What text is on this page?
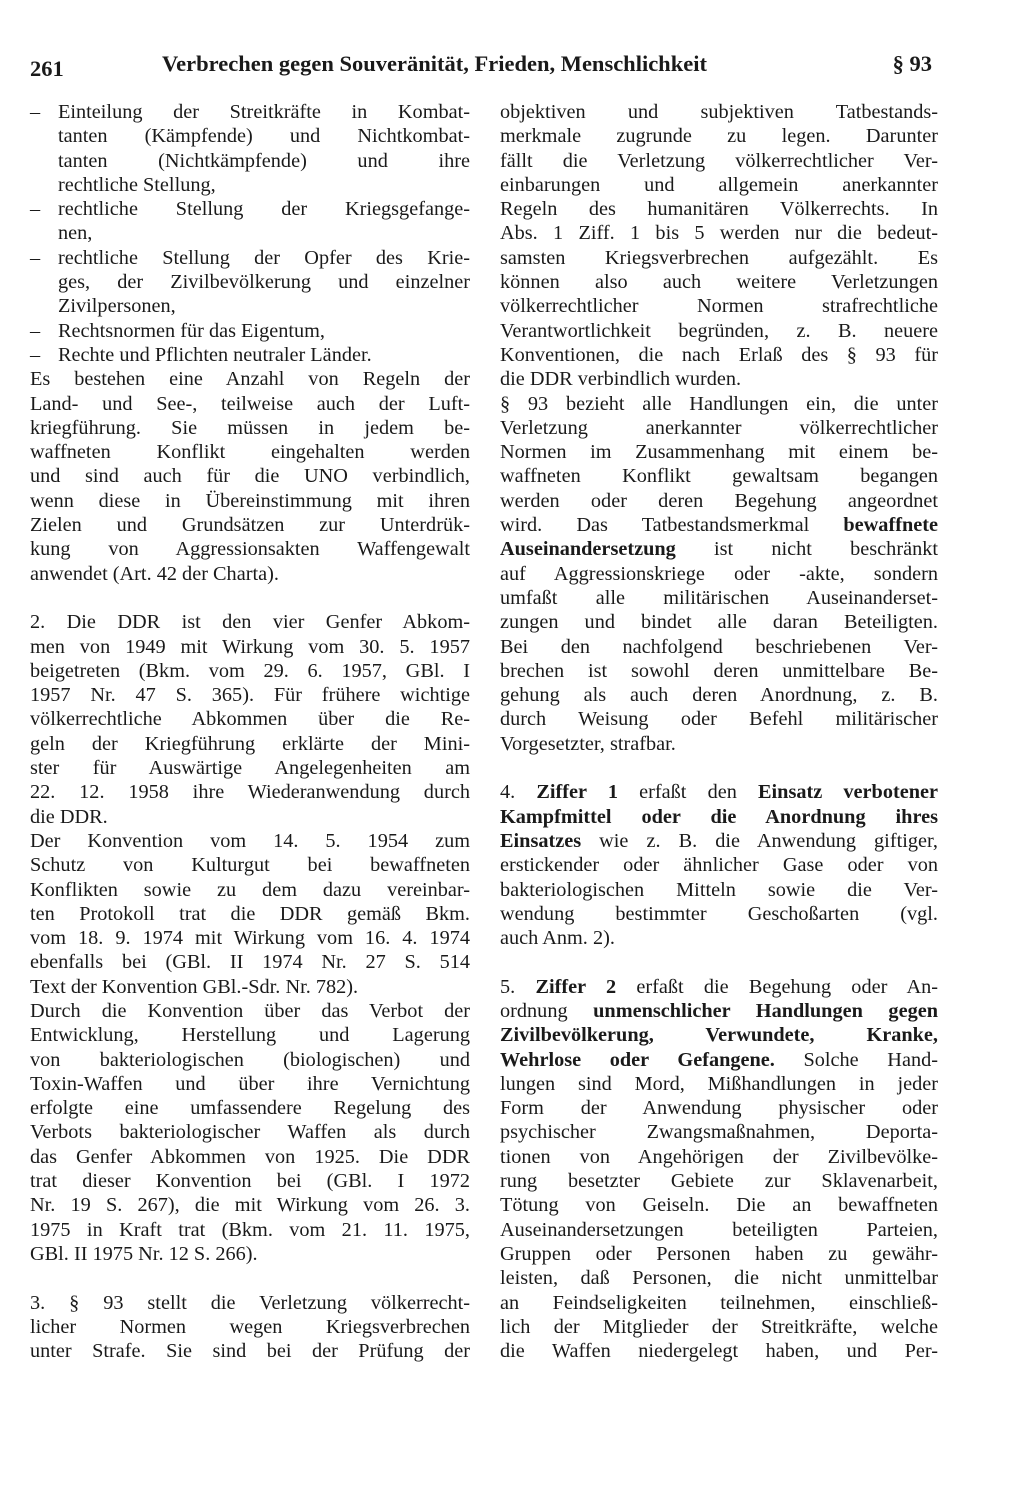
261	Verbrechen gegen Souveränität, Frieden, Menschlichkeit	§ 93
– Einteilung der Streitkräfte in Kombat-
tanten (Kämpfende) und Nichtkombat-
tanten (Nichtkämpfende) und ihre
rechtliche Stellung,
– rechtliche Stellung der Kriegsgefange-
nen,
– rechtliche Stellung der Opfer des Krie-
ges, der Zivilbevölkerung und einzelner
Zivilpersonen,
– Rechtsnormen für das Eigentum,
– Rechte und Pflichten neutraler Länder.
Es bestehen eine Anzahl von Regeln der
Land- und See-, teilweise auch der Luft-
kriegführung. Sie müssen in jedem be-
waffneten Konflikt eingehalten werden
und sind auch für die UNO verbindlich,
wenn diese in Übereinstimmung mit ihren
Zielen und Grundsätzen zur Unterdrük-
kung von Aggressionsakten Waffengewalt
anwendet (Art. 42 der Charta).
2. Die DDR ist den vier Genfer Abkom-
men von 1949 mit Wirkung vom 30. 5. 1957
beigetreten (Bkm. vom 29. 6. 1957, GBl. I
1957 Nr. 47 S. 365). Für frühere wichtige
völkerrechtliche Abkommen über die Re-
geln der Kriegführung erklärte der Mini-
ster für Auswärtige Angelegenheiten am
22. 12. 1958 ihre Wiederanwendung durch
die DDR.
Der Konvention vom 14. 5. 1954 zum
Schutz von Kulturgut bei bewaffneten
Konflikten sowie zu dem dazu vereinbar-
ten Protokoll trat die DDR gemäß Bkm.
vom 18. 9. 1974 mit Wirkung vom 16. 4. 1974
ebenfalls bei (GBl. II 1974 Nr. 27 S. 514
Text der Konvention GBl.-Sdr. Nr. 782).
Durch die Konvention über das Verbot der
Entwicklung, Herstellung und Lagerung
von bakteriologischen (biologischen) und
Toxin-Waffen und über ihre Vernichtung
erfolgte eine umfassendere Regelung des
Verbots bakteriologischer Waffen als durch
das Genfer Abkommen von 1925. Die DDR
trat dieser Konvention bei (GBl. I 1972
Nr. 19 S. 267), die mit Wirkung vom 26. 3.
1975 in Kraft trat (Bkm. vom 21. 11. 1975,
GBl. II 1975 Nr. 12 S. 266).
3. § 93 stellt die Verletzung völkerrecht-
licher Normen wegen Kriegsverbrechen
unter Strafe. Sie sind bei der Prüfung der
objektiven und subjektiven Tatbestands-
merkmale zugrunde zu legen. Darunter
fällt die Verletzung völkerrechtlicher Ver-
einbarungen und allgemein anerkannter
Regeln des humanitären Völkerrechts. In
Abs. 1 Ziff. 1 bis 5 werden nur die bedeut-
samsten Kriegsverbrechen aufgezählt. Es
können also auch weitere Verletzungen
völkerrechtlicher Normen strafrechtliche
Verantwortlichkeit begründen, z. B. neuere
Konventionen, die nach Erlaß des § 93 für
die DDR verbindlich wurden.
§ 93 bezieht alle Handlungen ein, die unter
Verletzung anerkannter völkerrechtlicher
Normen im Zusammenhang mit einem be-
waffneten Konflikt gewaltsam begangen
werden oder deren Begehung angeordnet
wird. Das Tatbestandsmerkmal bewaffnete
Auseinandersetzung ist nicht beschränkt
auf Aggressionskriege oder -akte, sondern
umfaßt alle militärischen Auseinanderset-
zungen und bindet alle daran Beteiligten.
Bei den nachfolgend beschriebenen Ver-
brechen ist sowohl deren unmittelbare Be-
gehung als auch deren Anordnung, z. B.
durch Weisung oder Befehl militärischer
Vorgesetzter, strafbar.
4. Ziffer 1 erfaßt den Einsatz verbotener
Kampfmittel oder die Anordnung ihres
Einsatzes wie z. B. die Anwendung giftiger,
erstickender oder ähnlicher Gase oder von
bakteriologischen Mitteln sowie die Ver-
wendung bestimmter Geschoßarten (vgl.
auch Anm. 2).
5. Ziffer 2 erfaßt die Begehung oder An-
ordnung unmenschlicher Handlungen gegen
Zivilbevölkerung, Verwundete, Kranke,
Wehrlose oder Gefangene. Solche Hand-
lungen sind Mord, Mißhandlungen in jeder
Form der Anwendung physischer oder
psychischer Zwangsmaßnahmen, Deporta-
tionen von Angehörigen der Zivilbevölke-
rung besetzter Gebiete zur Sklavenarbeit,
Tötung von Geiseln. Die an bewaffneten
Auseinandersetzungen beteiligten Parteien,
Gruppen oder Personen haben zu gewähr-
leisten, daß Personen, die nicht unmittelbar
an Feindseligkeiten teilnehmen, einschließ-
lich der Mitglieder der Streitkräfte, welche
die Waffen niedergelegt haben, und Per-
